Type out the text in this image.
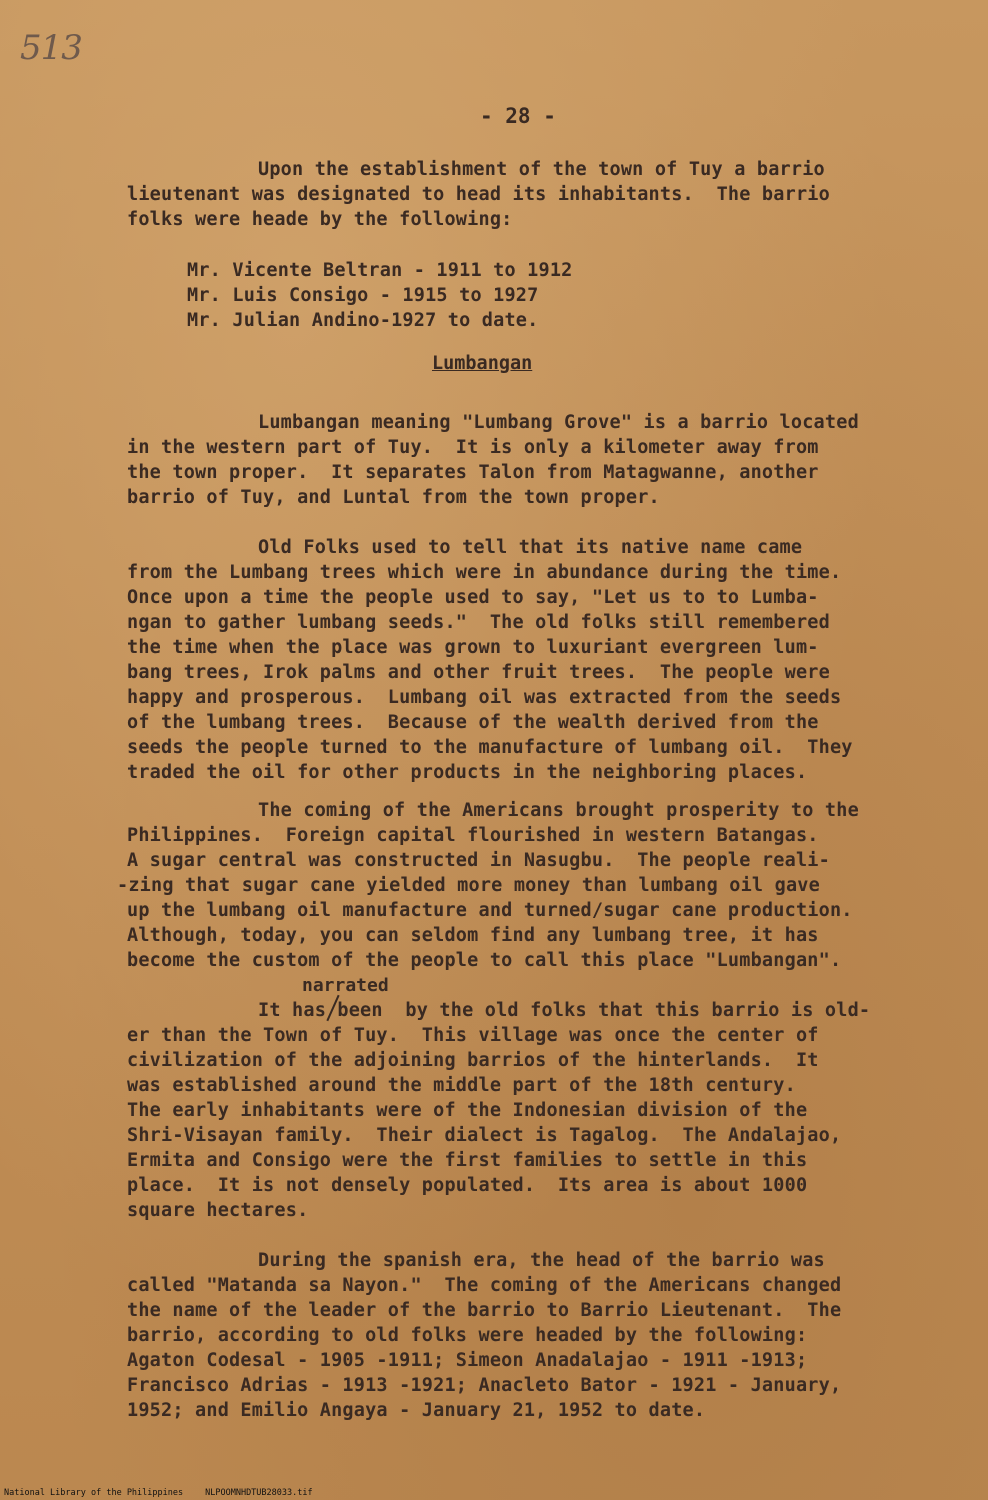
513

- 28 -

Upon the establishment of the town of Tuy a barrio

lieutenant was designated to head its inhabitants.  The barrio

folks were heade by the following:

Mr. Vicente Beltran - 1911 to 1912

Mr. Luis Consigo - 1915 to 1927

Mr. Julian Andino-1927 to date.

Lumbangan

Lumbangan meaning "Lumbang Grove" is a barrio located

in the western part of Tuy.  It is only a kilometer away from

the town proper.  It separates Talon from Matagwanne, another

barrio of Tuy, and Luntal from the town proper.

Old Folks used to tell that its native name came

from the Lumbang trees which were in abundance during the time.

Once upon a time the people used to say, "Let us to to Lumba-

ngan to gather lumbang seeds."  The old folks still remembered

the time when the place was grown to luxuriant evergreen lum-

bang trees, Irok palms and other fruit trees.  The people were

happy and prosperous.  Lumbang oil was extracted from the seeds

of the lumbang trees.  Because of the wealth derived from the

seeds the people turned to the manufacture of lumbang oil.  They

traded the oil for other products in the neighboring places.

The coming of the Americans brought prosperity to the

Philippines.  Foreign capital flourished in western Batangas.

A sugar central was constructed in Nasugbu.  The people reali-

-zing that sugar cane yielded more money than lumbang oil gave

up the lumbang oil manufacture and turned/sugar cane production.

Although, today, you can seldom find any lumbang tree, it has

become the custom of the people to call this place "Lumbangan".

narrated

It has been  by the old folks that this barrio is old-

er than the Town of Tuy.  This village was once the center of

civilization of the adjoining barrios of the hinterlands.  It

was established around the middle part of the 18th century.

The early inhabitants were of the Indonesian division of the

Shri-Visayan family.  Their dialect is Tagalog.  The Andalajao,

Ermita and Consigo were the first families to settle in this

place.  It is not densely populated.  Its area is about 1000

square hectares.

During the spanish era, the head of the barrio was

called "Matanda sa Nayon."  The coming of the Americans changed

the name of the leader of the barrio to Barrio Lieutenant.  The

barrio, according to old folks were headed by the following:

Agaton Codesal - 1905 -1911; Simeon Anadalajao - 1911 -1913;

Francisco Adrias - 1913 -1921; Anacleto Bator - 1921 - January,

1952; and Emilio Angaya - January 21, 1952 to date.

National Library of the Philippines	NLPOOMNHDTUB28033.tif
